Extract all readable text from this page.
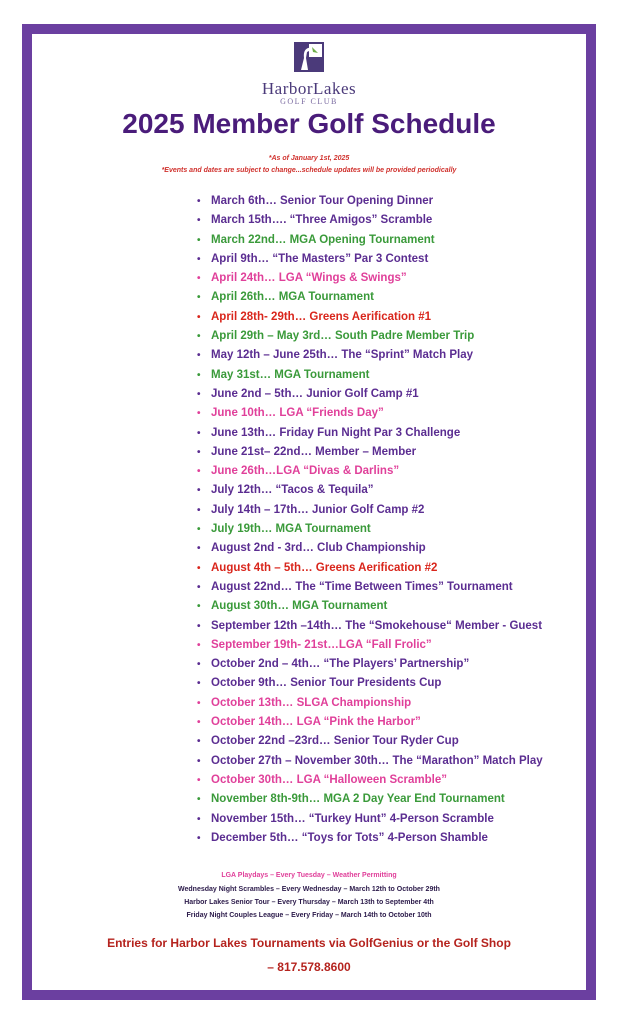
HarborLakes
GOLF CLUB
2025 Member Golf Schedule
*As of January 1st, 2025
*Events and dates are subject to change...schedule updates will be provided periodically
• March 6th… Senior Tour Opening Dinner
• March 15th…. “Three Amigos” Scramble
• March 22nd… MGA Opening Tournament
• April 9th… “The Masters” Par 3 Contest
• April 24th… LGA “Wings & Swings”
• April 26th… MGA Tournament
• April 28th- 29th… Greens Aerification #1
• April 29th – May 3rd… South Padre Member Trip
• May 12th – June 25th… The “Sprint” Match Play
• May 31st… MGA Tournament
• June 2nd – 5th… Junior Golf Camp #1
• June 10th… LGA “Friends Day”
• June 13th… Friday Fun Night Par 3 Challenge
• June 21st– 22nd… Member – Member
• June 26th…LGA “Divas & Darlins”
• July 12th… “Tacos & Tequila”
• July 14th – 17th… Junior Golf Camp #2
• July 19th… MGA Tournament
• August 2nd - 3rd… Club Championship
• August 4th – 5th… Greens Aerification #2
• August 22nd… The “Time Between Times” Tournament
• August 30th… MGA Tournament
• September 12th –14th… The “Smokehouse“ Member - Guest
• September 19th- 21st…LGA “Fall Frolic”
• October 2nd – 4th… “The Players’ Partnership”
• October 9th… Senior Tour Presidents Cup
• October 13th… SLGA Championship
• October 14th… LGA “Pink the Harbor”
• October 22nd –23rd… Senior Tour Ryder Cup
• October 27th – November 30th… The “Marathon” Match Play
• October 30th… LGA “Halloween Scramble”
• November 8th-9th… MGA 2 Day Year End Tournament
• November 15th… “Turkey Hunt” 4-Person Scramble
• December 5th… “Toys for Tots” 4-Person Shamble
LGA Playdays – Every Tuesday – Weather Permitting
Wednesday Night Scrambles – Every Wednesday – March 12th to October 29th
Harbor Lakes Senior Tour – Every Thursday – March 13th to September 4th
Friday Night Couples League – Every Friday – March 14th to October 10th
Entries for Harbor Lakes Tournaments via GolfGenius or the Golf Shop
– 817.578.8600
